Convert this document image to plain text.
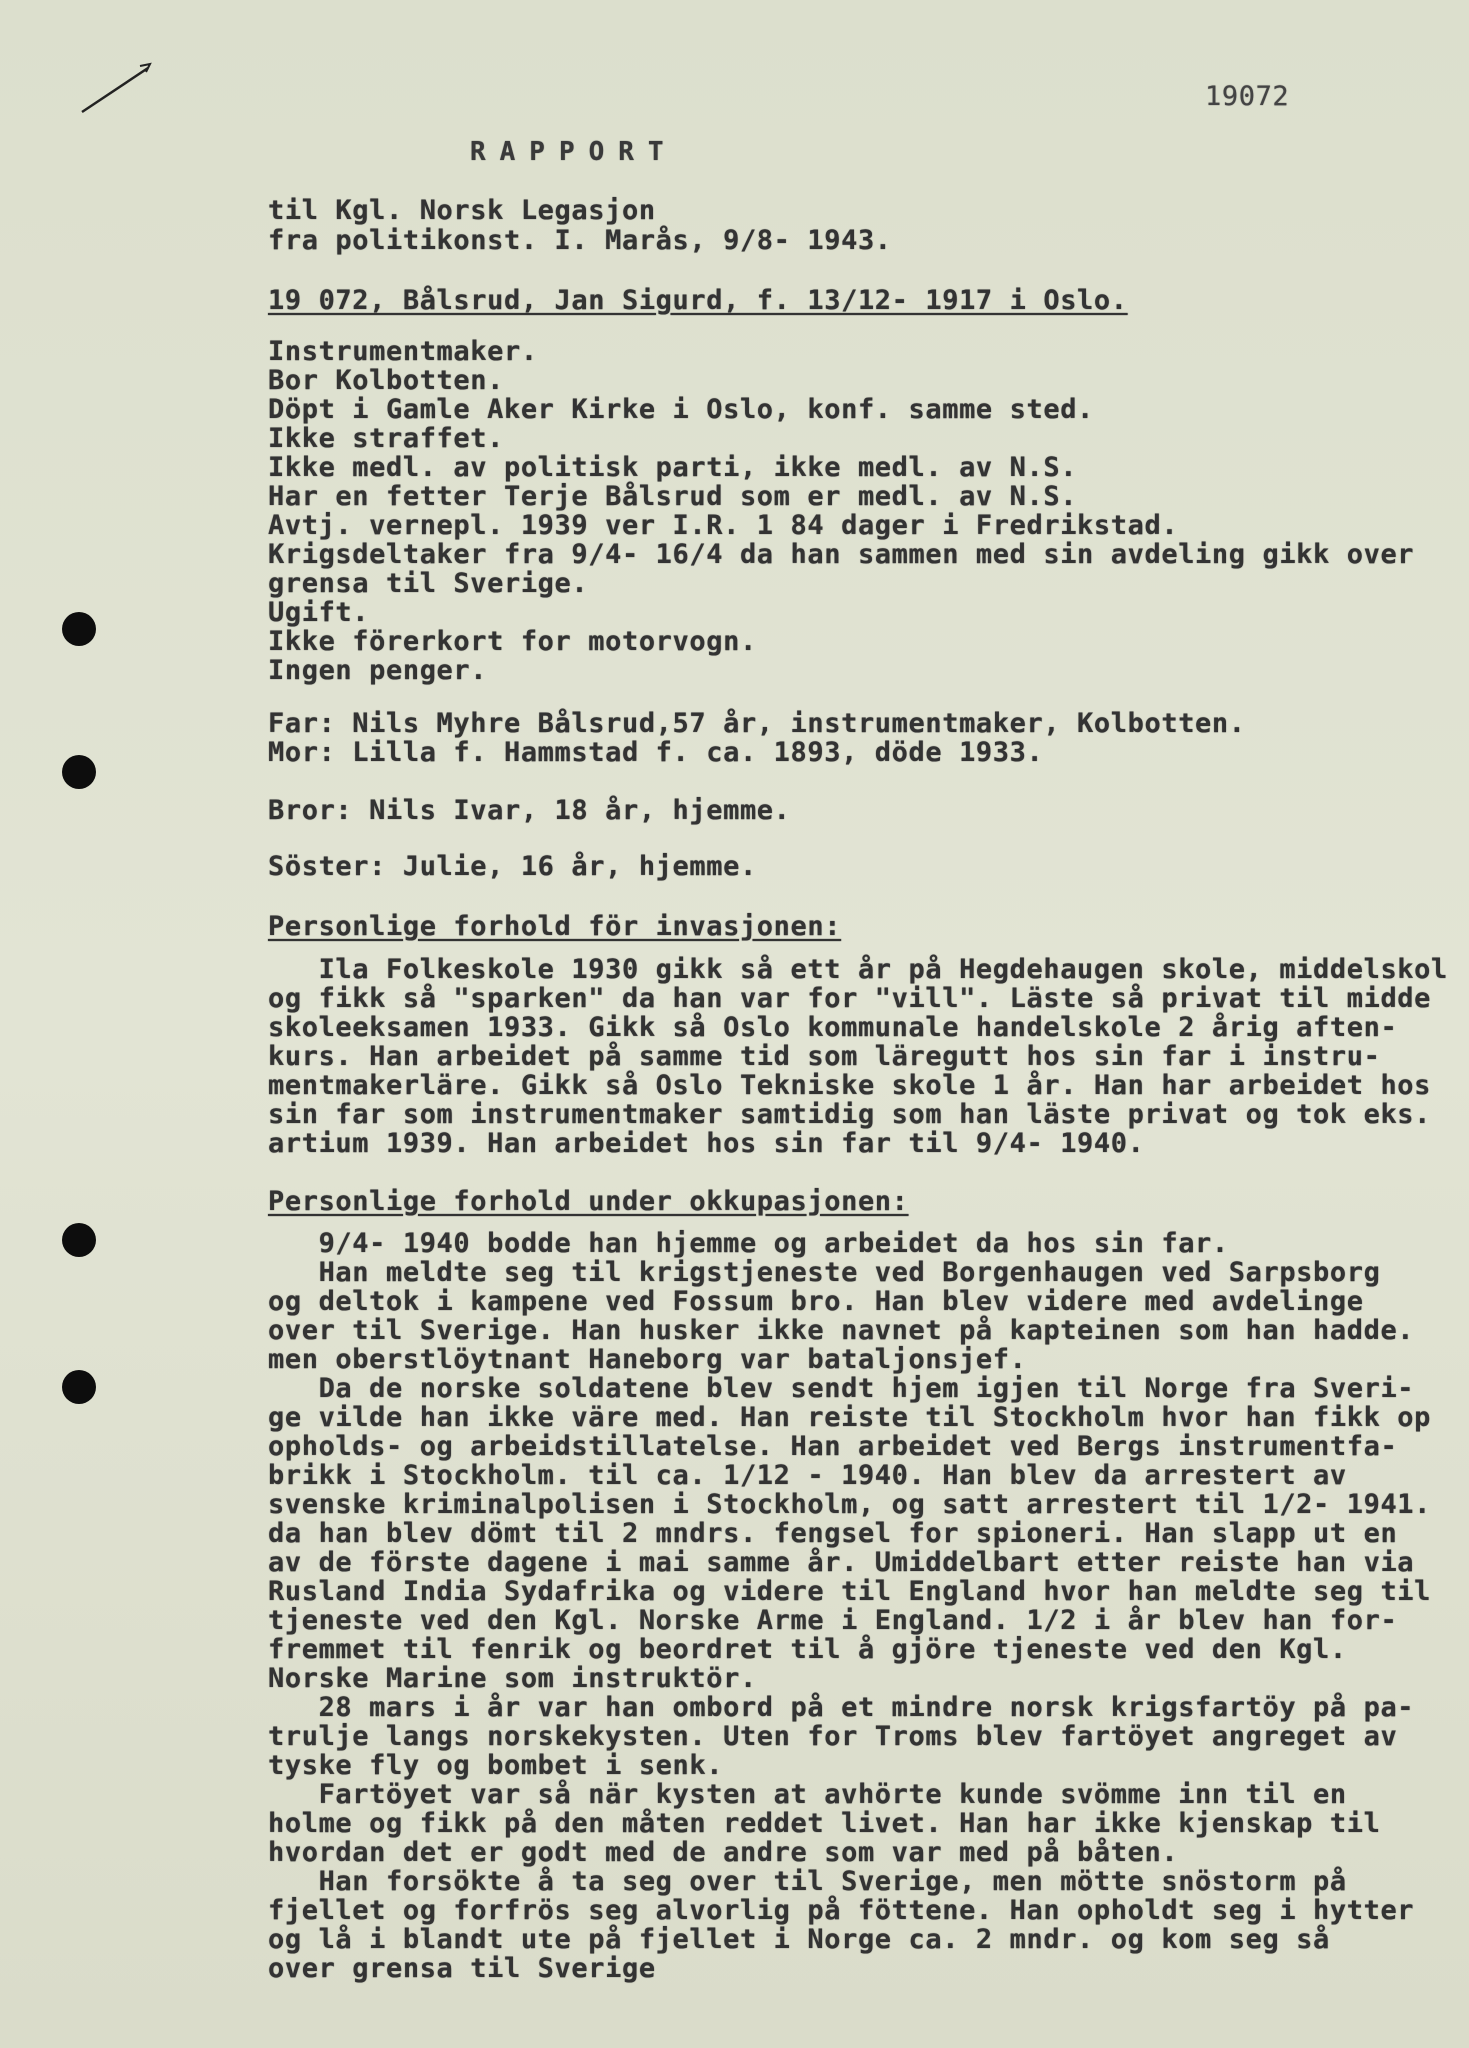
19072
RAPPORT
til Kgl. Norsk Legasjon
fra politikonst. I. Marås, 9/8- 1943.
19 072, Bålsrud, Jan Sigurd, f. 13/12- 1917 i Oslo.
Instrumentmaker.
Bor Kolbotten.
Döpt i Gamle Aker Kirke i Oslo, konf. samme sted.
Ikke straffet.
Ikke medl. av politisk parti, ikke medl. av N.S.
Har en fetter Terje Bålsrud som er medl. av N.S.
Avtj. vernepl. 1939 ver I.R. 1 84 dager i Fredrikstad.
Krigsdeltaker fra 9/4- 16/4 da han sammen med sin avdeling gikk over
grensa til Sverige.
Ugift.
Ikke förerkort for motorvogn.
Ingen penger.
Far: Nils Myhre Bålsrud,57 år, instrumentmaker, Kolbotten.
Mor: Lilla f. Hammstad f. ca. 1893, döde 1933.
Bror: Nils Ivar, 18 år, hjemme.
Söster: Julie, 16 år, hjemme.
Personlige forhold för invasjonen:
Ila Folkeskole 1930 gikk så ett år på Hegdehaugen skole, middelskol
og fikk så "sparken" da han var for "vill". Läste så privat til midde
skoleeksamen 1933. Gikk så Oslo kommunale handelskole 2 årig aften-
kurs. Han arbeidet på samme tid som läregutt hos sin far i instru-
mentmakerläre. Gikk så Oslo Tekniske skole 1 år. Han har arbeidet hos
sin far som instrumentmaker samtidig som han läste privat og tok eks.
artium 1939. Han arbeidet hos sin far til 9/4- 1940.
Personlige forhold under okkupasjonen:
9/4- 1940 bodde han hjemme og arbeidet da hos sin far.
Han meldte seg til krigstjeneste ved Borgenhaugen ved Sarpsborg
og deltok i kampene ved Fossum bro. Han blev videre med avdelinge
over til Sverige. Han husker ikke navnet på kapteinen som han hadde.
men oberstlöytnant Haneborg var bataljonsjef.
Da de norske soldatene blev sendt hjem igjen til Norge fra Sveri-
ge vilde han ikke väre med. Han reiste til Stockholm hvor han fikk op
opholds- og arbeidstillatelse. Han arbeidet ved Bergs instrumentfa-
brikk i Stockholm. til ca. 1/12 - 1940. Han blev da arrestert av
svenske kriminalpolisen i Stockholm, og satt arrestert til 1/2- 1941.
da han blev dömt til 2 mndrs. fengsel for spioneri. Han slapp ut en
av de förste dagene i mai samme år. Umiddelbart etter reiste han via
Rusland India Sydafrika og videre til England hvor han meldte seg til
tjeneste ved den Kgl. Norske Arme i England. 1/2 i år blev han for-
fremmet til fenrik og beordret til å gjöre tjeneste ved den Kgl.
Norske Marine som instruktör.
28 mars i år var han ombord på et mindre norsk krigsfartöy på pa-
trulje langs norskekysten. Uten for Troms blev fartöyet angreget av
tyske fly og bombet i senk.
Fartöyet var så när kysten at avhörte kunde svömme inn til en
holme og fikk på den måten reddet livet. Han har ikke kjenskap til
hvordan det er godt med de andre som var med på båten.
Han forsökte å ta seg over til Sverige, men mötte snöstorm på
fjellet og forfrös seg alvorlig på föttene. Han opholdt seg i hytter
og lå i blandt ute på fjellet i Norge ca. 2 mndr. og kom seg så
over grensa til Sverige
